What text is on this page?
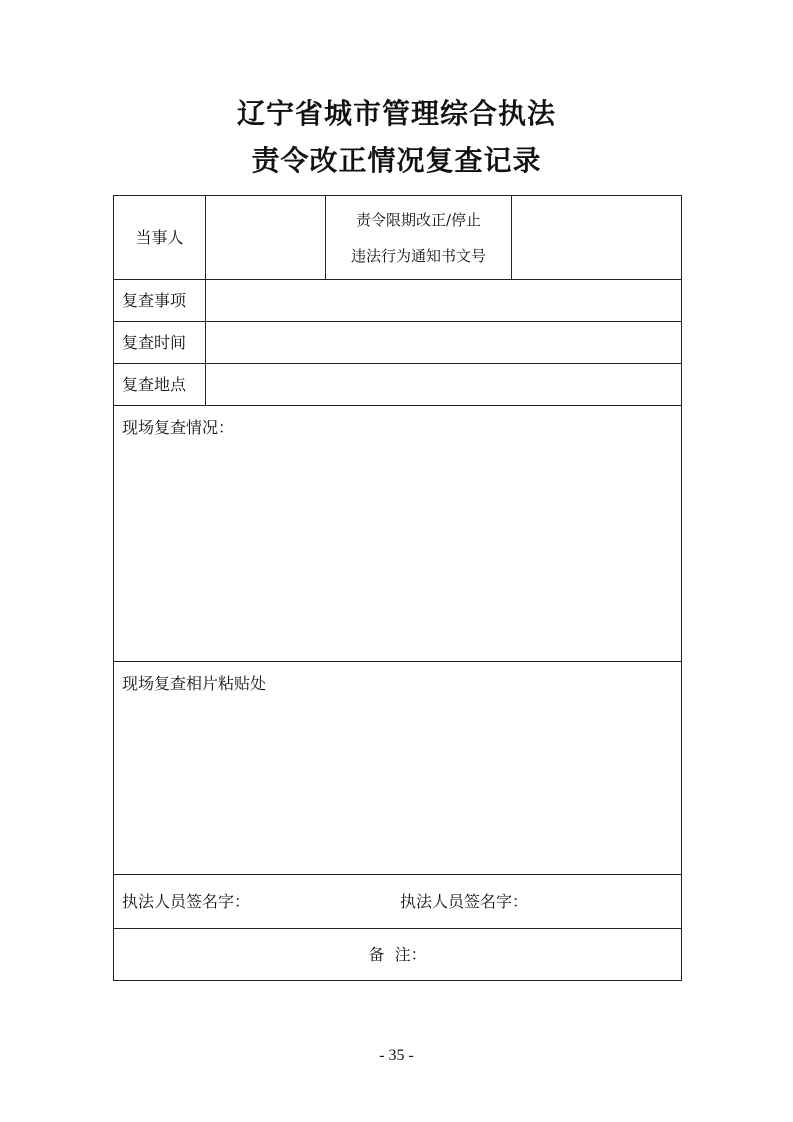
辽宁省城市管理综合执法
责令改正情况复查记录
当事人		责令限期改正/停止
违法行为通知书文号	

复查事项			
复查时间			
复查地点			
现场复查情况：			
现场复查相片粘贴处			

执法人员签名字： 执法人员签名字：			

备  注：			
- 35 -
